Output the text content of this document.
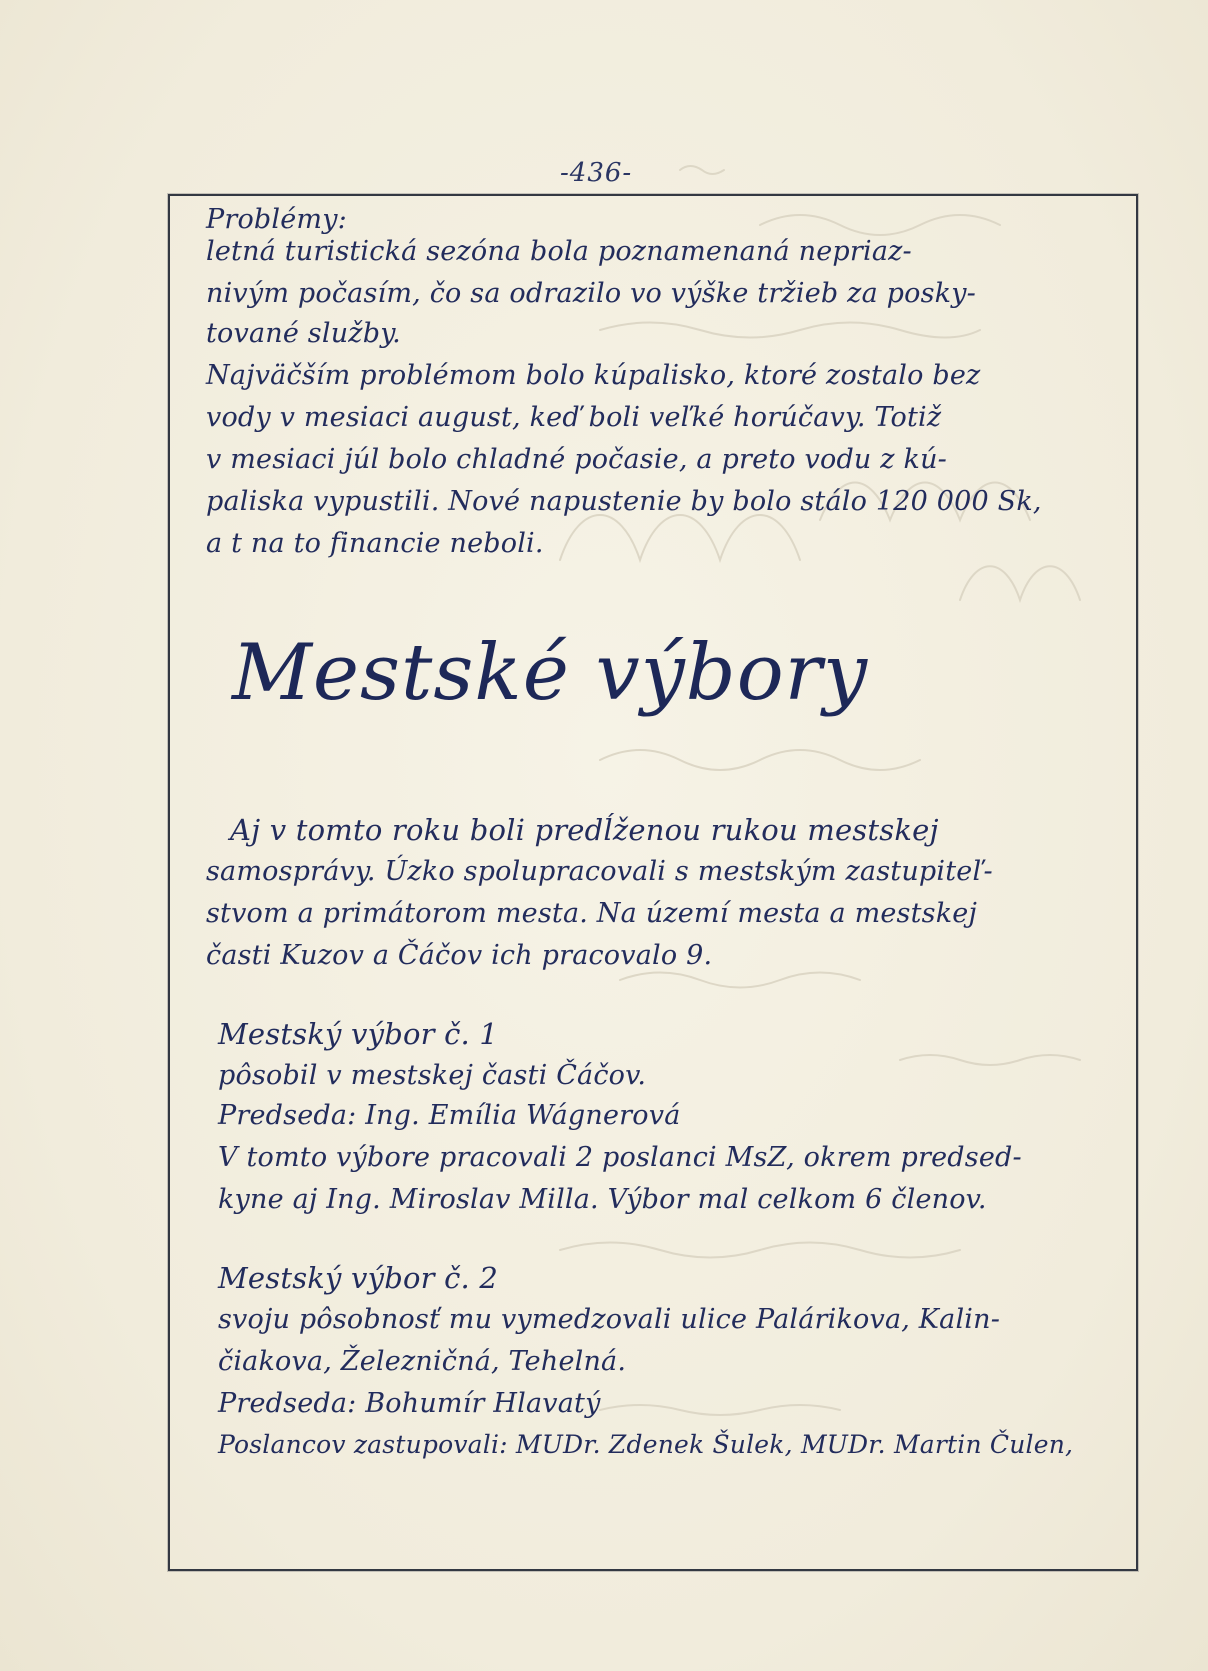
-436-
Problémy:
letná turistická sezóna bola poznamenaná nepriaz-
nivým počasím, čo sa odrazilo vo výške tržieb za posky-
tované služby.
Najväčším problémom bolo kúpalisko, ktoré zostalo bez
vody v mesiaci august, keď boli veľké horúčavy. Totiž
v mesiaci júl bolo chladné počasie, a preto vodu z kú-
paliska vypustili. Nové napustenie by bolo stálo 120 000 Sk,
a t na to financie neboli.
Mestské výbory
Aj v tomto roku boli predĺženou rukou mestskej
samosprávy. Úzko spolupracovali s mestským zastupiteľ-
stvom a primátorom mesta. Na území mesta a mestskej
časti Kuzov a Čáčov ich pracovalo 9.
Mestský výbor č. 1
pôsobil v mestskej časti Čáčov.
Predseda: Ing. Emília Wágnerová
V tomto výbore pracovali 2 poslanci MsZ, okrem predsed-
kyne aj Ing. Miroslav Milla. Výbor mal celkom 6 členov.
Mestský výbor č. 2
svoju pôsobnosť mu vymedzovali ulice Palárikova, Kalin-
čiakova, Železničná, Tehelná.
Predseda: Bohumír Hlavatý
Poslancov zastupovali: MUDr. Zdenek Šulek, MUDr. Martin Čulen,
